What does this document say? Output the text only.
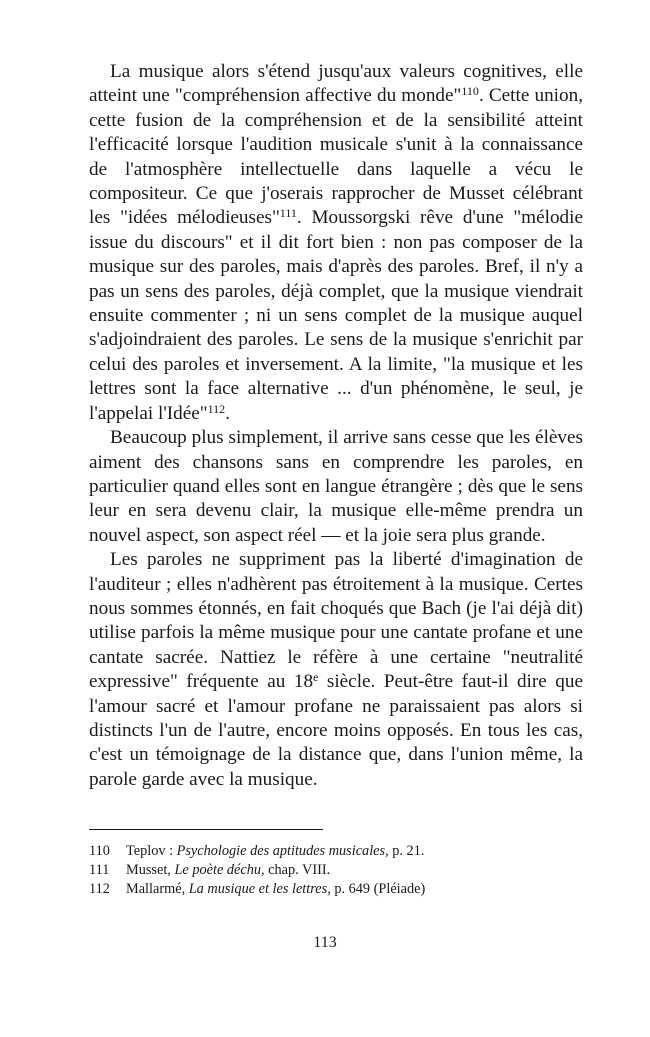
La musique alors s'étend jusqu'aux valeurs cognitives, elle atteint une "compréhension affective du monde"$^{110}$. Cette union, cette fusion de la compréhension et de la sensibilité atteint l'efficacité lorsque l'audition musicale s'unit à la connaissance de l'atmosphère intellectuelle dans laquelle a vécu le compositeur. Ce que j'oserais rapprocher de Musset célébrant les "idées mélodieuses"$^{111}$. Moussorgski rêve d'une "mélodie issue du discours" et il dit fort bien : non pas composer de la musique sur des paroles, mais d'après des paroles. Bref, il n'y a pas un sens des paroles, déjà complet, que la musique viendrait ensuite commenter ; ni un sens complet de la musique auquel s'adjoindraient des paroles. Le sens de la musique s'enrichit par celui des paroles et inversement. A la limite, "la musique et les lettres sont la face alternative ... d'un phénomène, le seul, je l'appelai l'Idée"$^{112}$.

Beaucoup plus simplement, il arrive sans cesse que les élèves aiment des chansons sans en comprendre les paroles, en particulier quand elles sont en langue étrangère ; dès que le sens leur en sera devenu clair, la musique elle-même prendra un nouvel aspect, son aspect réel — et la joie sera plus grande.

Les paroles ne suppriment pas la liberté d'imagination de l'auditeur ; elles n'adhèrent pas étroitement à la musique. Certes nous sommes étonnés, en fait choqués que Bach (je l'ai déjà dit) utilise parfois la même musique pour une cantate profane et une cantate sacrée. Nattiez le réfère à une certaine "neutralité expressive" fréquente au 18e siècle. Peut-être faut-il dire que l'amour sacré et l'amour profane ne paraissaient pas alors si distincts l'un de l'autre, encore moins opposés. En tous les cas, c'est un témoignage de la distance que, dans l'union même, la parole garde avec la musique.

110	Teplov : Psychologie des aptitudes musicales, p. 21.
111	Musset, Le poète déchu, chap. VIII.
112	Mallarmé, La musique et les lettres, p. 649 (Pléiade)
113
